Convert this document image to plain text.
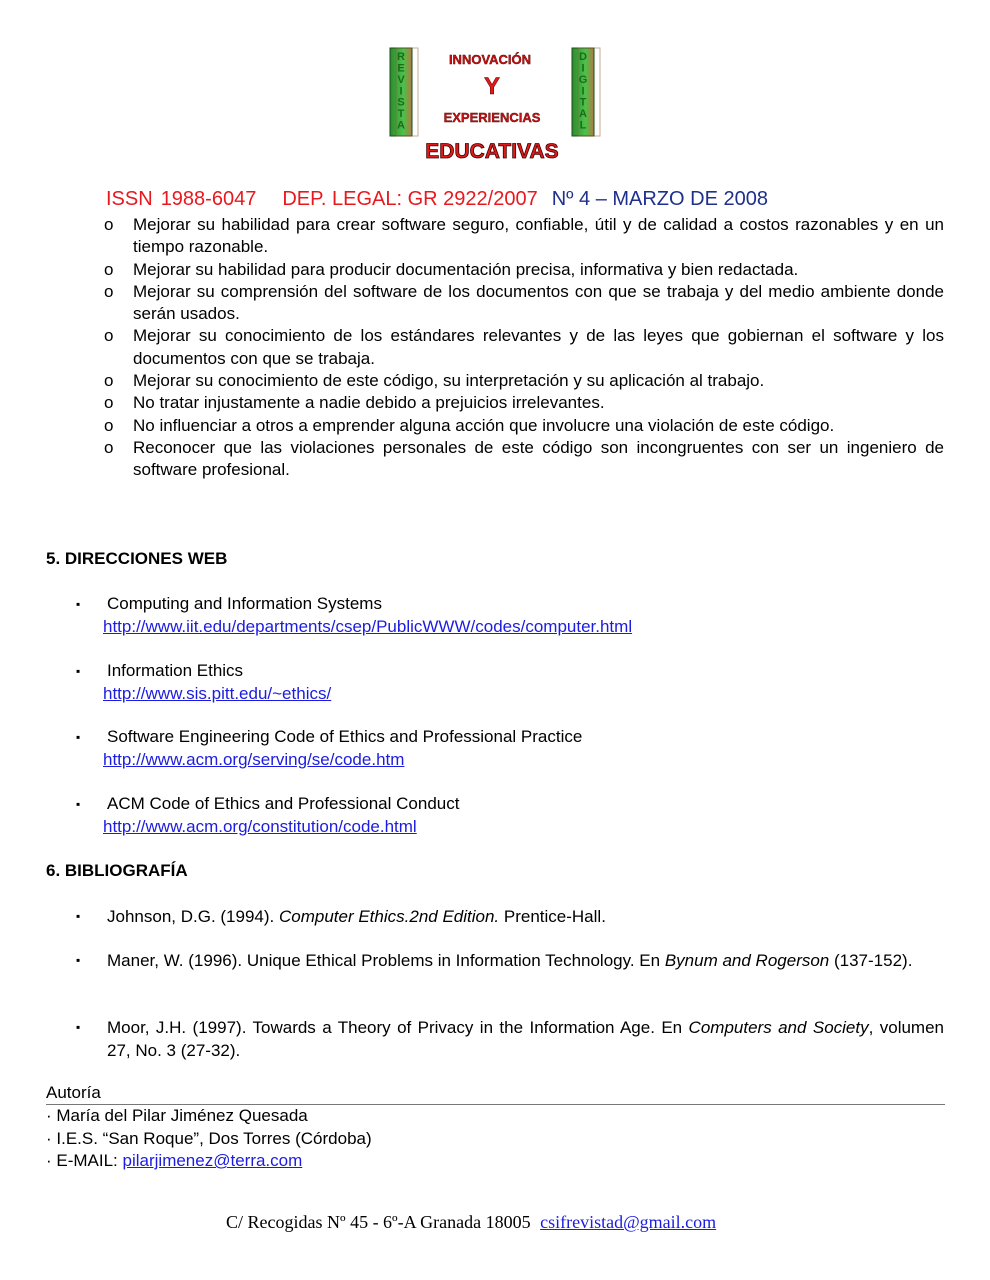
R E V I S T A
D I G I T A L
INNOVACIÓN
Y
EXPERIENCIAS
EDUCATIVAS
ISSN 1988-6047 DEP. LEGAL: GR 2922/2007 Nº 4 – MARZO DE 2008
o Mejorar su habilidad para crear software seguro, confiable, útil y de calidad a costos razonables y en un tiempo razonable.
o Mejorar su habilidad para producir documentación precisa, informativa y bien redactada.
o Mejorar su comprensión del software de los documentos con que se trabaja y del medio ambiente donde serán usados.
o Mejorar su conocimiento de los estándares relevantes y de las leyes que gobiernan el software y los documentos con que se trabaja.
o Mejorar su conocimiento de este código, su interpretación y su aplicación al trabajo.
o No tratar injustamente a nadie debido a prejuicios irrelevantes.
o No influenciar a otros a emprender alguna acción que involucre una violación de este código.
o Reconocer que las violaciones personales de este código son incongruentes con ser un ingeniero de software profesional.
5. DIRECCIONES WEB
▪	Computing and Information Systems
http://www.iit.edu/departments/csep/PublicWWW/codes/computer.html
▪	Information Ethics
http://www.sis.pitt.edu/~ethics/
▪	Software Engineering Code of Ethics and Professional Practice
http://www.acm.org/serving/se/code.htm
▪	ACM Code of Ethics and Professional Conduct
http://www.acm.org/constitution/code.html
6. BIBLIOGRAFÍA
▪ Johnson, D.G. (1994). Computer Ethics.2nd Edition. Prentice-Hall.
▪ Maner, W. (1996). Unique Ethical Problems in Information Technology. En Bynum and Rogerson (137-152).
▪ Moor, J.H. (1997). Towards a Theory of Privacy in the Information Age. En Computers and Society, volumen 27, No. 3 (27-32).
Autoría
· María del Pilar Jiménez Quesada
· I.E.S. “San Roque”, Dos Torres (Córdoba)
· E-MAIL: pilarjimenez@terra.com
C/ Recogidas Nº 45 - 6º-A Granada 18005 csifrevistad@gmail.com
